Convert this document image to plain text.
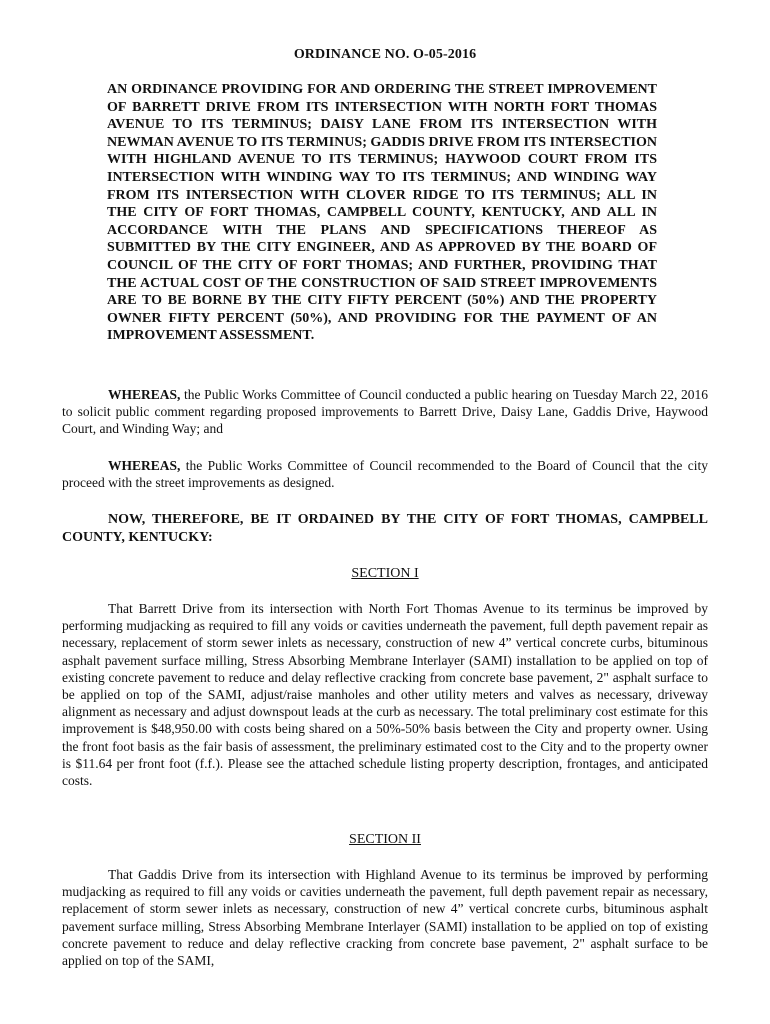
ORDINANCE NO. O-05-2016
AN ORDINANCE PROVIDING FOR AND ORDERING THE STREET IMPROVEMENT OF BARRETT DRIVE FROM ITS INTERSECTION WITH NORTH FORT THOMAS AVENUE TO ITS TERMINUS; DAISY LANE FROM ITS INTERSECTION WITH NEWMAN AVENUE TO ITS TERMINUS; GADDIS DRIVE FROM ITS INTERSECTION WITH HIGHLAND AVENUE TO ITS TERMINUS; HAYWOOD COURT FROM ITS INTERSECTION WITH WINDING WAY TO ITS TERMINUS; AND WINDING WAY FROM ITS INTERSECTION WITH CLOVER RIDGE TO ITS TERMINUS; ALL IN THE CITY OF FORT THOMAS, CAMPBELL COUNTY, KENTUCKY, AND ALL IN ACCORDANCE WITH THE PLANS AND SPECIFICATIONS THEREOF AS SUBMITTED BY THE CITY ENGINEER, AND AS APPROVED BY THE BOARD OF COUNCIL OF THE CITY OF FORT THOMAS; AND FURTHER, PROVIDING THAT THE ACTUAL COST OF THE CONSTRUCTION OF SAID STREET IMPROVEMENTS ARE TO BE BORNE BY THE CITY FIFTY PERCENT (50%) AND THE PROPERTY OWNER FIFTY PERCENT (50%), AND PROVIDING FOR THE PAYMENT OF AN IMPROVEMENT ASSESSMENT.
WHEREAS, the Public Works Committee of Council conducted a public hearing on Tuesday March 22, 2016 to solicit public comment regarding proposed improvements to Barrett Drive, Daisy Lane, Gaddis Drive, Haywood Court, and Winding Way; and
WHEREAS, the Public Works Committee of Council recommended to the Board of Council that the city proceed with the street improvements as designed.
NOW, THEREFORE, BE IT ORDAINED BY THE CITY OF FORT THOMAS, CAMPBELL COUNTY, KENTUCKY:
SECTION I
That Barrett Drive from its intersection with North Fort Thomas Avenue to its terminus be improved by performing mudjacking as required to fill any voids or cavities underneath the pavement, full depth pavement repair as necessary, replacement of storm sewer inlets as necessary, construction of new 4” vertical concrete curbs, bituminous asphalt pavement surface milling, Stress Absorbing Membrane Interlayer (SAMI) installation to be applied on top of existing concrete pavement to reduce and delay reflective cracking from concrete base pavement, 2" asphalt surface to be applied on top of the SAMI, adjust/raise manholes and other utility meters and valves as necessary, driveway alignment as necessary and adjust downspout leads at the curb as necessary. The total preliminary cost estimate for this improvement is $48,950.00 with costs being shared on a 50%-50% basis between the City and property owner. Using the front foot basis as the fair basis of assessment, the preliminary estimated cost to the City and to the property owner is $11.64 per front foot (f.f.). Please see the attached schedule listing property description, frontages, and anticipated costs.
SECTION II
That Gaddis Drive from its intersection with Highland Avenue to its terminus be improved by performing mudjacking as required to fill any voids or cavities underneath the pavement, full depth pavement repair as necessary, replacement of storm sewer inlets as necessary, construction of new 4” vertical concrete curbs, bituminous asphalt pavement surface milling, Stress Absorbing Membrane Interlayer (SAMI) installation to be applied on top of existing concrete pavement to reduce and delay reflective cracking from concrete base pavement, 2" asphalt surface to be applied on top of the SAMI,
